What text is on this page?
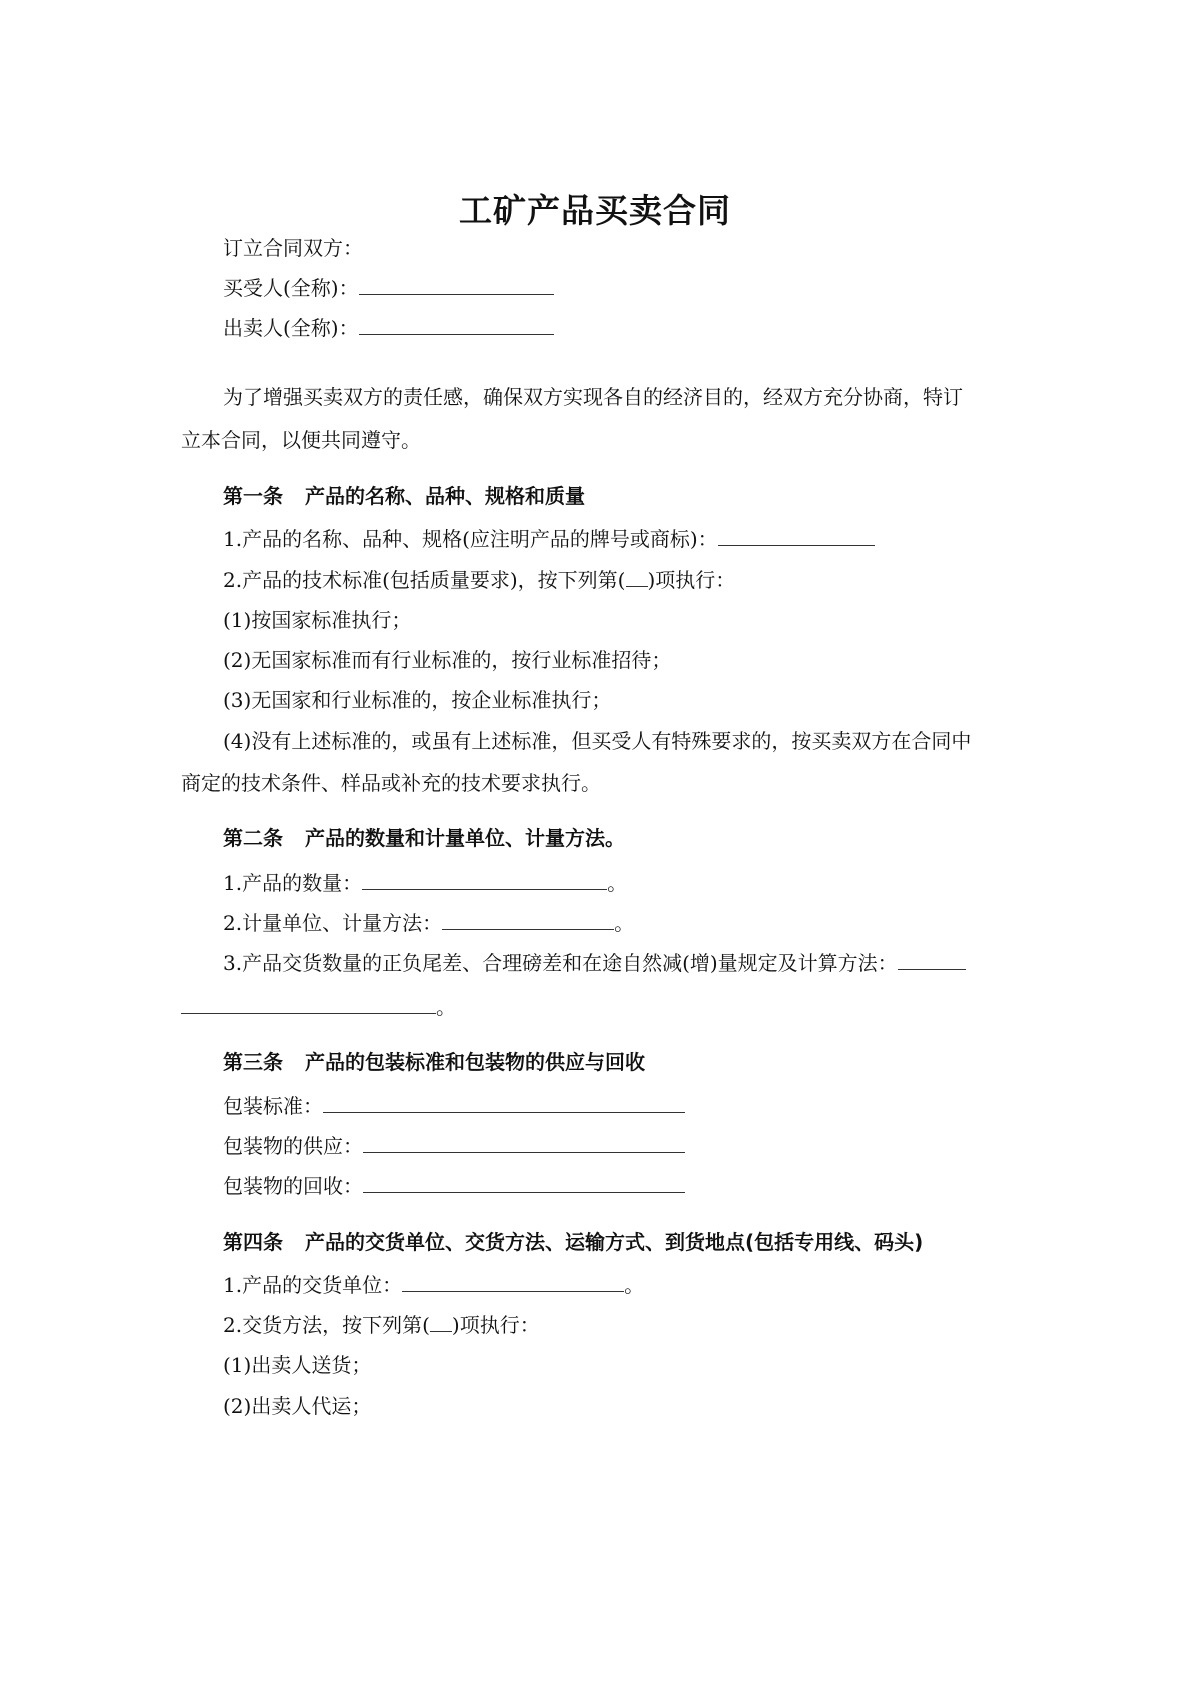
工矿产品买卖合同
订立合同双方：
买受人(全称)：
出卖人(全称)：
为了增强买卖双方的责任感，确保双方实现各自的经济目的，经双方充分协商，特订
立本合同，以便共同遵守。
第一条 产品的名称、品种、规格和质量
1.产品的名称、品种、规格(应注明产品的牌号或商标)：
2.产品的技术标准(包括质量要求)，按下列第( )项执行：
(1)按国家标准执行；
(2)无国家标准而有行业标准的，按行业标准招待；
(3)无国家和行业标准的，按企业标准执行；
(4)没有上述标准的，或虽有上述标准，但买受人有特殊要求的，按买卖双方在合同中
商定的技术条件、样品或补充的技术要求执行。
第二条 产品的数量和计量单位、计量方法。
1.产品的数量：	。
2.计量单位、计量方法：	。
3.产品交货数量的正负尾差、合理磅差和在途自然减(增)量规定及计算方法：
。
第三条 产品的包装标准和包装物的供应与回收
包装标准：
包装物的供应：
包装物的回收：
第四条 产品的交货单位、交货方法、运输方式、到货地点(包括专用线、码头)
1.产品的交货单位：	。
2.交货方法，按下列第( )项执行：
(1)出卖人送货；
(2)出卖人代运；
